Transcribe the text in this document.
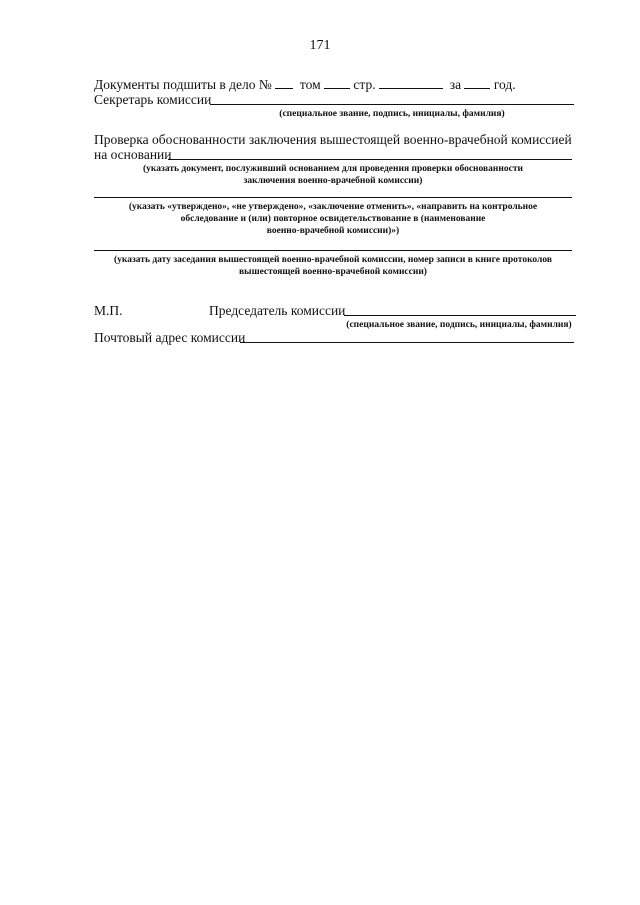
171
Документы подшиты в дело № том стр.	за год.
Секретарь комиссии
(специальное звание, подпись, инициалы, фамилия)
Проверка обоснованности заключения вышестоящей военно-врачебной комиссией
на основании
(указать документ, послуживший основанием для проведения проверки обоснованности
заключения военно-врачебной комиссии)
(указать «утверждено», «не утверждено», «заключение отменить», «направить на контрольное
обследование и (или) повторное освидетельствование в (наименование
военно-врачебной комиссии)»)
(указать дату заседания вышестоящей военно-врачебной комиссии, номер записи в книге протоколов
вышестоящей военно-врачебной комиссии)
М.П.	Председатель комиссии
(специальное звание, подпись, инициалы, фамилия)
Почтовый адрес комиссии
